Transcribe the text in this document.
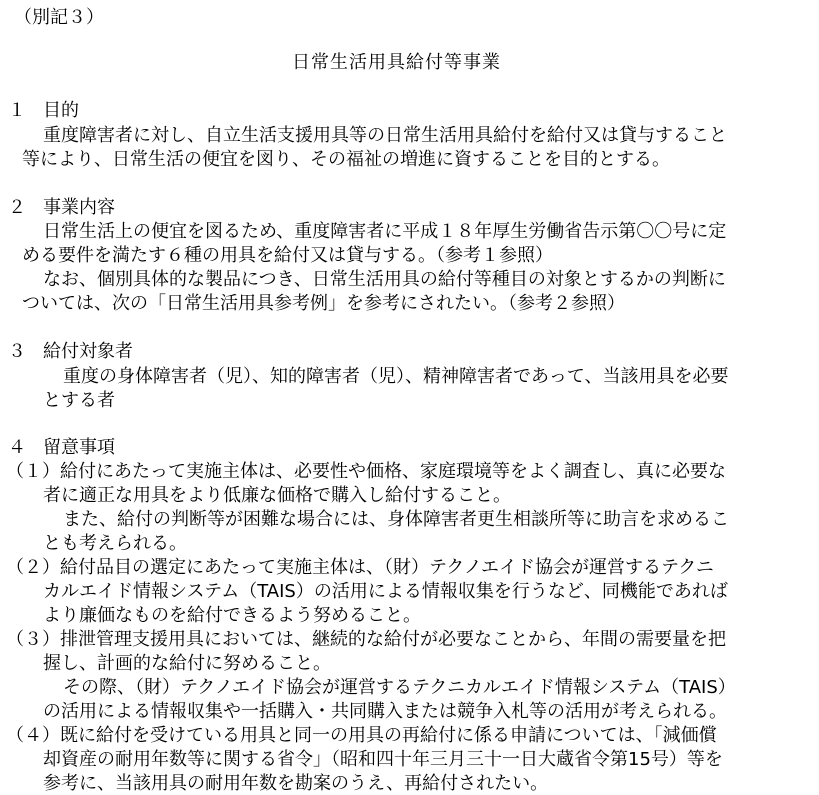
（別記３）
日常生活用具給付等事業
１ 目的
重度障害者に対し、自立生活支援用具等の日常生活用具給付を給付又は貸与すること
等により、日常生活の便宜を図り、その福祉の増進に資することを目的とする。
２ 事業内容
日常生活上の便宜を図るため、重度障害者に平成１８年厚生労働省告示第〇〇号に定
める要件を満たす６種の用具を給付又は貸与する。（参考１参照）
なお、個別具体的な製品につき、日常生活用具の給付等種目の対象とするかの判断に
ついては、次の「日常生活用具参考例」を参考にされたい。（参考２参照）
３ 給付対象者
重度の身体障害者（児）、知的障害者（児）、精神障害者であって、当該用具を必要
とする者
４ 留意事項
（１）給付にあたって実施主体は、必要性や価格、家庭環境等をよく調査し、真に必要な
者に適正な用具をより低廉な価格で購入し給付すること。
また、給付の判断等が困難な場合には、身体障害者更生相談所等に助言を求めるこ
とも考えられる。
（２）給付品目の選定にあたって実施主体は、（財）テクノエイド協会が運営するテクニ
カルエイド情報システム（TAIS）の活用による情報収集を行うなど、同機能であれば
より廉価なものを給付できるよう努めること。
（３）排泄管理支援用具においては、継続的な給付が必要なことから、年間の需要量を把
握し、計画的な給付に努めること。
その際、（財）テクノエイド協会が運営するテクニカルエイド情報システム（TAIS）
の活用による情報収集や一括購入・共同購入または競争入札等の活用が考えられる。
（４）既に給付を受けている用具と同一の用具の再給付に係る申請については、「減価償
却資産の耐用年数等に関する省令」（昭和四十年三月三十一日大蔵省令第15号）等を
参考に、当該用具の耐用年数を勘案のうえ、再給付されたい。
